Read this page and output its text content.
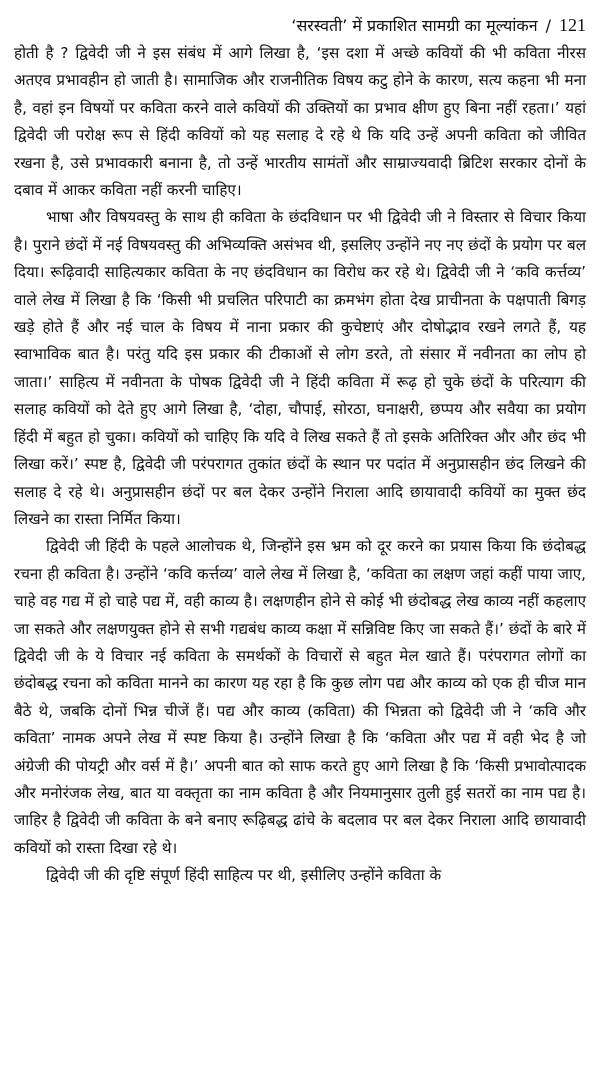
‘सरस्वती’ में प्रकाशित सामग्री का मूल्यांकन / 121

होती है ? द्विवेदी जी ने इस संबंध में आगे लिखा है, ‘इस दशा में अच्छे कवियों की भी कविता नीरस अतएव प्रभावहीन हो जाती है। सामाजिक और राजनीतिक विषय कटु होने के कारण, सत्य कहना भी मना है, वहां इन विषयों पर कविता करने वाले कवियों की उक्तियों का प्रभाव क्षीण हुए बिना नहीं रहता।’ यहां द्विवेदी जी परोक्ष रूप से हिंदी कवियों को यह सलाह दे रहे थे कि यदि उन्हें अपनी कविता को जीवित रखना है, उसे प्रभावकारी बनाना है, तो उन्हें भारतीय सामंतों और साम्राज्यवादी ब्रिटिश सरकार दोनों के दबाव में आकर कविता नहीं करनी चाहिए।

भाषा और विषयवस्तु के साथ ही कविता के छंदविधान पर भी द्विवेदी जी ने विस्तार से विचार किया है। पुराने छंदों में नई विषयवस्तु की अभिव्यक्ति असंभव थी, इसलिए उन्होंने नए नए छंदों के प्रयोग पर बल दिया। रूढ़िवादी साहित्यकार कविता के नए छंदविधान का विरोध कर रहे थे। द्विवेदी जी ने ‘कवि कर्त्तव्य’ वाले लेख में लिखा है कि ‘किसी भी प्रचलित परिपाटी का क्रमभंग होता देख प्राचीनता के पक्षपाती बिगड़ खड़े होते हैं और नई चाल के विषय में नाना प्रकार की कुचेष्टाएं और दोषोद्भाव रखने लगते हैं, यह स्वाभाविक बात है। परंतु यदि इस प्रकार की टीकाओं से लोग डरते, तो संसार में नवीनता का लोप हो जाता।’ साहित्य में नवीनता के पोषक द्विवेदी जी ने हिंदी कविता में रूढ़ हो चुके छंदों के परित्याग की सलाह कवियों को देते हुए आगे लिखा है, ‘दोहा, चौपाई, सोरठा, घनाक्षरी, छप्पय और सवैया का प्रयोग हिंदी में बहुत हो चुका। कवियों को चाहिए कि यदि वे लिख सकते हैं तो इसके अतिरिक्त और और छंद भी लिखा करें।’ स्पष्ट है, द्विवेदी जी परंपरागत तुकांत छंदों के स्थान पर पदांत में अनुप्रासहीन छंद लिखने की सलाह दे रहे थे। अनुप्रासहीन छंदों पर बल देकर उन्होंने निराला आदि छायावादी कवियों का मुक्त छंद लिखने का रास्ता निर्मित किया।

द्विवेदी जी हिंदी के पहले आलोचक थे, जिन्होंने इस भ्रम को दूर करने का प्रयास किया कि छंदोबद्ध रचना ही कविता है। उन्होंने ‘कवि कर्त्तव्य’ वाले लेख में लिखा है, ‘कविता का लक्षण जहां कहीं पाया जाए, चाहे वह गद्य में हो चाहे पद्य में, वही काव्य है। लक्षणहीन होने से कोई भी छंदोबद्ध लेख काव्य नहीं कहलाए जा सकते और लक्षणयुक्त होने से सभी गद्यबंध काव्य कक्षा में सन्निविष्ट किए जा सकते हैं।’ छंदों के बारे में द्विवेदी जी के ये विचार नई कविता के समर्थकों के विचारों से बहुत मेल खाते हैं। परंपरागत लोगों का छंदोबद्ध रचना को कविता मानने का कारण यह रहा है कि कुछ लोग पद्य और काव्य को एक ही चीज मान बैठे थे, जबकि दोनों भिन्न चीजें हैं। पद्य और काव्य (कविता) की भिन्नता को द्विवेदी जी ने ‘कवि और कविता’ नामक अपने लेख में स्पष्ट किया है। उन्होंने लिखा है कि ‘कविता और पद्य में वही भेद है जो अंग्रेजी की पोयट्री और वर्स में है।’ अपनी बात को साफ करते हुए आगे लिखा है कि ‘किसी प्रभावोत्पादक और मनोरंजक लेख, बात या वक्तृता का नाम कविता है और नियमानुसार तुली हुई सतरों का नाम पद्य है। जाहिर है द्विवेदी जी कविता के बने बनाए रूढ़िबद्ध ढांचे के बदलाव पर बल देकर निराला आदि छायावादी कवियों को रास्ता दिखा रहे थे।

द्विवेदी जी की दृष्टि संपूर्ण हिंदी साहित्य पर थी, इसीलिए उन्होंने कविता के
